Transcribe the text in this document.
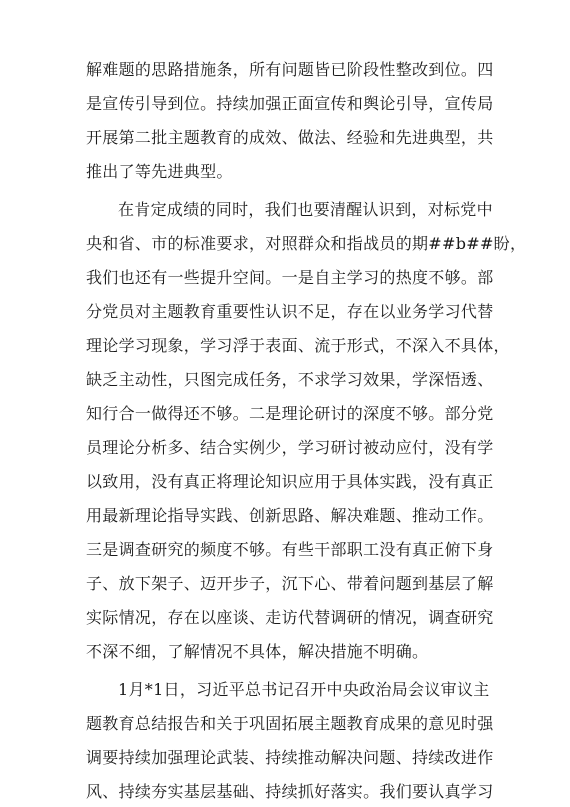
解难题的思路措施条，所有问题皆已阶段性整改到位。四
是宣传引导到位。持续加强正面宣传和舆论引导，宣传局
开展第二批主题教育的成效、做法、经验和先进典型，共
推出了等先进典型。
在肯定成绩的同时，我们也要清醒认识到，对标党中
央和省、市的标准要求，对照群众和指战员的期##b##盼，
我们也还有一些提升空间。一是自主学习的热度不够。部
分党员对主题教育重要性认识不足，存在以业务学习代替
理论学习现象，学习浮于表面、流于形式，不深入不具体，
缺乏主动性，只图完成任务，不求学习效果，学深悟透、
知行合一做得还不够。二是理论研讨的深度不够。部分党
员理论分析多、结合实例少，学习研讨被动应付，没有学
以致用，没有真正将理论知识应用于具体实践，没有真正
用最新理论指导实践、创新思路、解决难题、推动工作。
三是调查研究的频度不够。有些干部职工没有真正俯下身
子、放下架子、迈开步子，沉下心、带着问题到基层了解
实际情况，存在以座谈、走访代替调研的情况，调查研究
不深不细，了解情况不具体，解决措施不明确。
1月*1日，习近平总书记召开中央政治局会议审议主
题教育总结报告和关于巩固拓展主题教育成果的意见时强
调要持续加强理论武装、持续推动解决问题、持续改进作
风、持续夯实基层基础、持续抓好落实。我们要认真学习
